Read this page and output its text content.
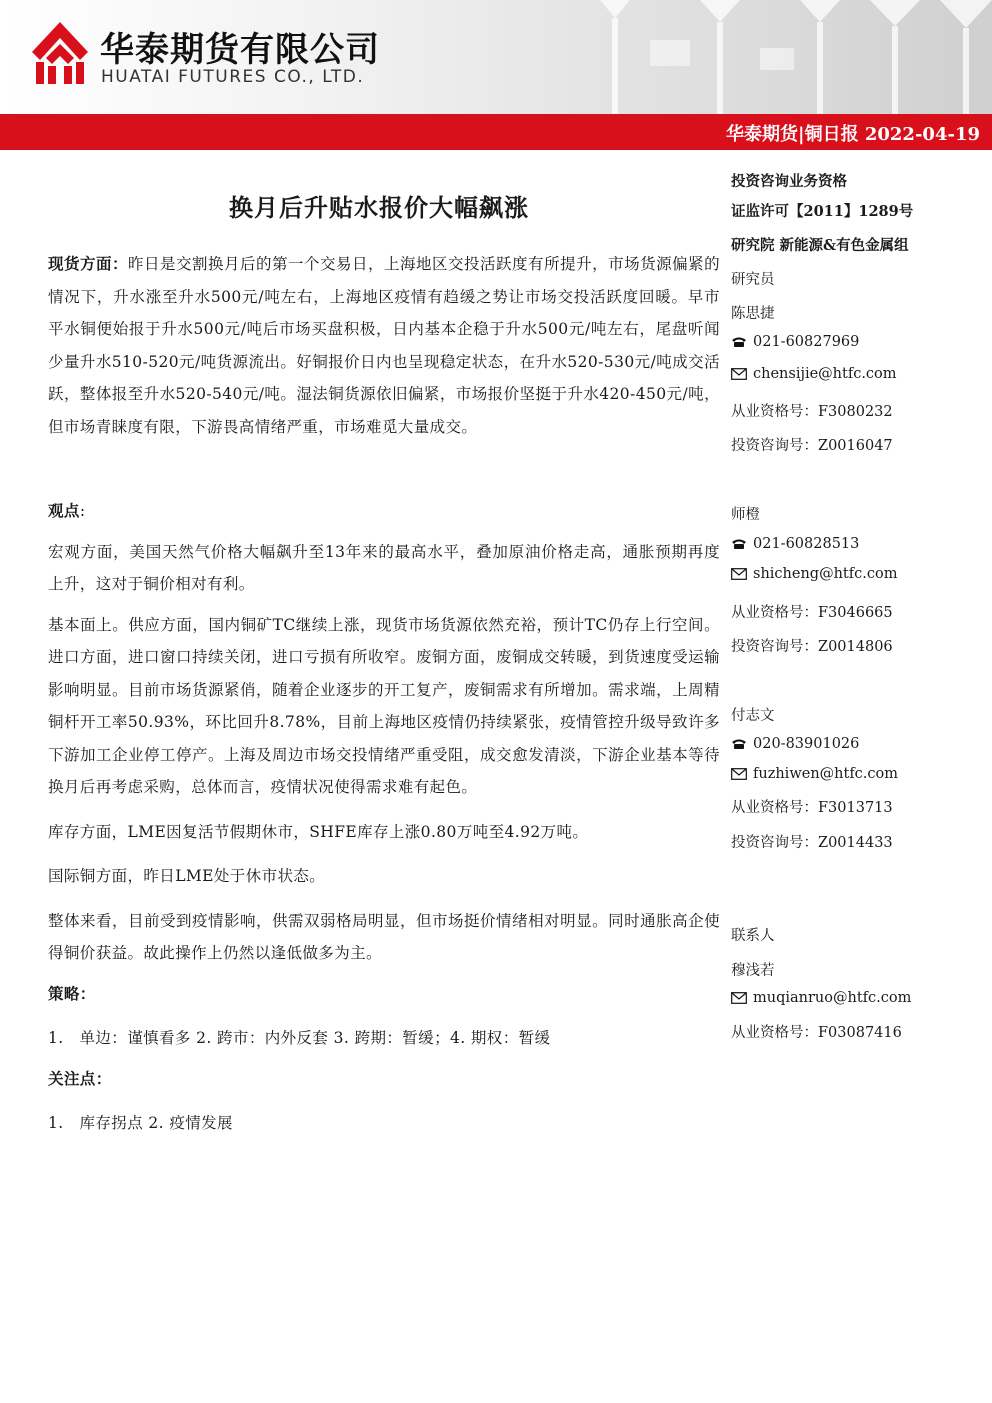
华泰期货有限公司
HUATAI FUTURES CO., LTD.
华泰期货|铜日报 2022-04-19
换月后升贴水报价大幅飙涨

现货方面：昨日是交割换月后的第一个交易日，上海地区交投活跃度有所提升，市场货源偏紧的情况下，升水涨至升水500元/吨左右，上海地区疫情有趋缓之势让市场交投活跃度回暖。早市平水铜便始报于升水500元/吨后市场买盘积极，日内基本企稳于升水500元/吨左右，尾盘听闻少量升水510-520元/吨货源流出。好铜报价日内也呈现稳定状态，在升水520-530元/吨成交活跃，整体报至升水520-540元/吨。湿法铜货源依旧偏紧，市场报价坚挺于升水420-450元/吨，但市场青睐度有限，下游畏高情绪严重，市场难觅大量成交。

观点:

宏观方面，美国天然气价格大幅飙升至13年来的最高水平，叠加原油价格走高，通胀预期再度上升，这对于铜价相对有利。

基本面上。供应方面，国内铜矿TC继续上涨，现货市场货源依然充裕，预计TC仍存上行空间。进口方面，进口窗口持续关闭，进口亏损有所收窄。废铜方面，废铜成交转暖，到货速度受运输影响明显。目前市场货源紧俏，随着企业逐步的开工复产，废铜需求有所增加。需求端，上周精铜杆开工率50.93%，环比回升8.78%，目前上海地区疫情仍持续紧张，疫情管控升级导致许多下游加工企业停工停产。上海及周边市场交投情绪严重受阻，成交愈发清淡，下游企业基本等待换月后再考虑采购，总体而言，疫情状况使得需求难有起色。

库存方面，LME因复活节假期休市，SHFE库存上涨0.80万吨至4.92万吨。

国际铜方面，昨日LME处于休市状态。

整体来看，目前受到疫情影响，供需双弱格局明显，但市场挺价情绪相对明显。同时通胀高企使得铜价获益。故此操作上仍然以逢低做多为主。

策略：

1.　单边：谨慎看多 2. 跨市：内外反套 3. 跨期：暂缓；4. 期权：暂缓

关注点：

1.　库存拐点 2. 疫情发展

投资咨询业务资格
证监许可【2011】1289号
研究院 新能源&有色金属组
研究员
陈思捷
021-60827969
chensijie@htfc.com
从业资格号：F3080232
投资咨询号：Z0016047
师橙
021-60828513
shicheng@htfc.com
从业资格号：F3046665
投资咨询号：Z0014806
付志文
020-83901026
fuzhiwen@htfc.com
从业资格号：F3013713
投资咨询号：Z0014433
联系人
穆浅若
muqianruo@htfc.com
从业资格号：F03087416
